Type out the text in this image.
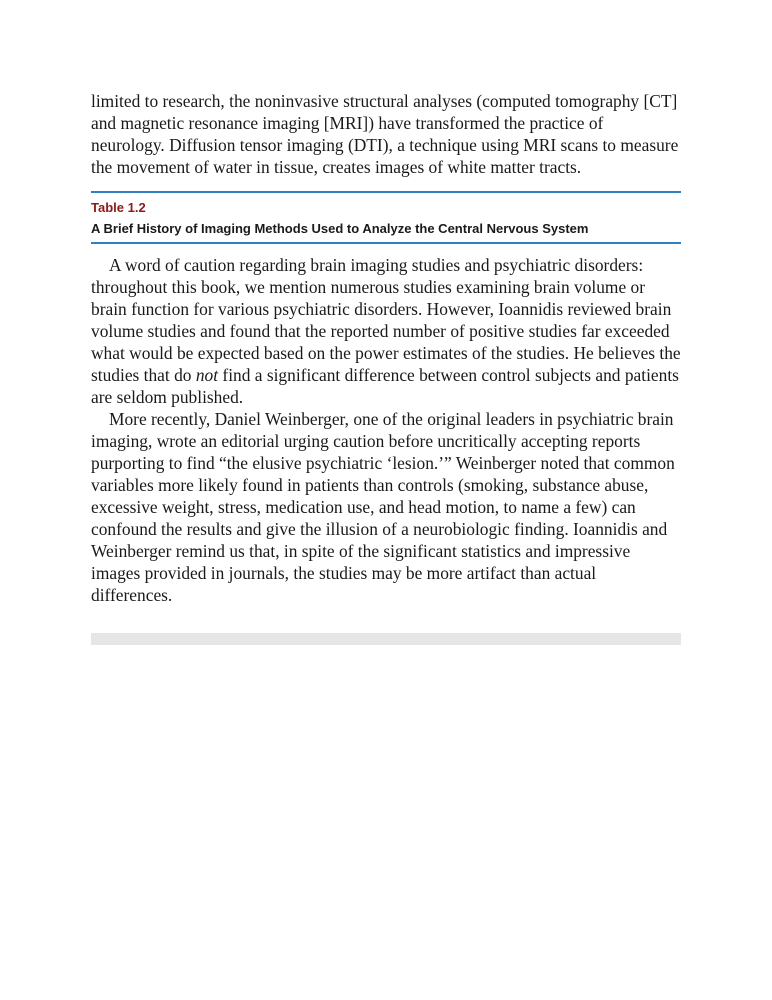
limited to research, the noninvasive structural analyses (computed tomography [CT] and magnetic resonance imaging [MRI]) have transformed the practice of neurology. Diffusion tensor imaging (DTI), a technique using MRI scans to measure the movement of water in tissue, creates images of white matter tracts.

Table 1.2
A Brief History of Imaging Methods Used to Analyze the Central Nervous System

A word of caution regarding brain imaging studies and psychiatric disorders: throughout this book, we mention numerous studies examining brain volume or brain function for various psychiatric disorders. However, Ioannidis reviewed brain volume studies and found that the reported number of positive studies far exceeded what would be expected based on the power estimates of the studies. He believes the studies that do not find a significant difference between control subjects and patients are seldom published.

More recently, Daniel Weinberger, one of the original leaders in psychiatric brain imaging, wrote an editorial urging caution before uncritically accepting reports purporting to find “the elusive psychiatric ‘lesion.’” Weinberger noted that common variables more likely found in patients than controls (smoking, substance abuse, excessive weight, stress, medication use, and head motion, to name a few) can confound the results and give the illusion of a neurobiologic finding. Ioannidis and Weinberger remind us that, in spite of the significant statistics and impressive images provided in journals, the studies may be more artifact than actual differences.
